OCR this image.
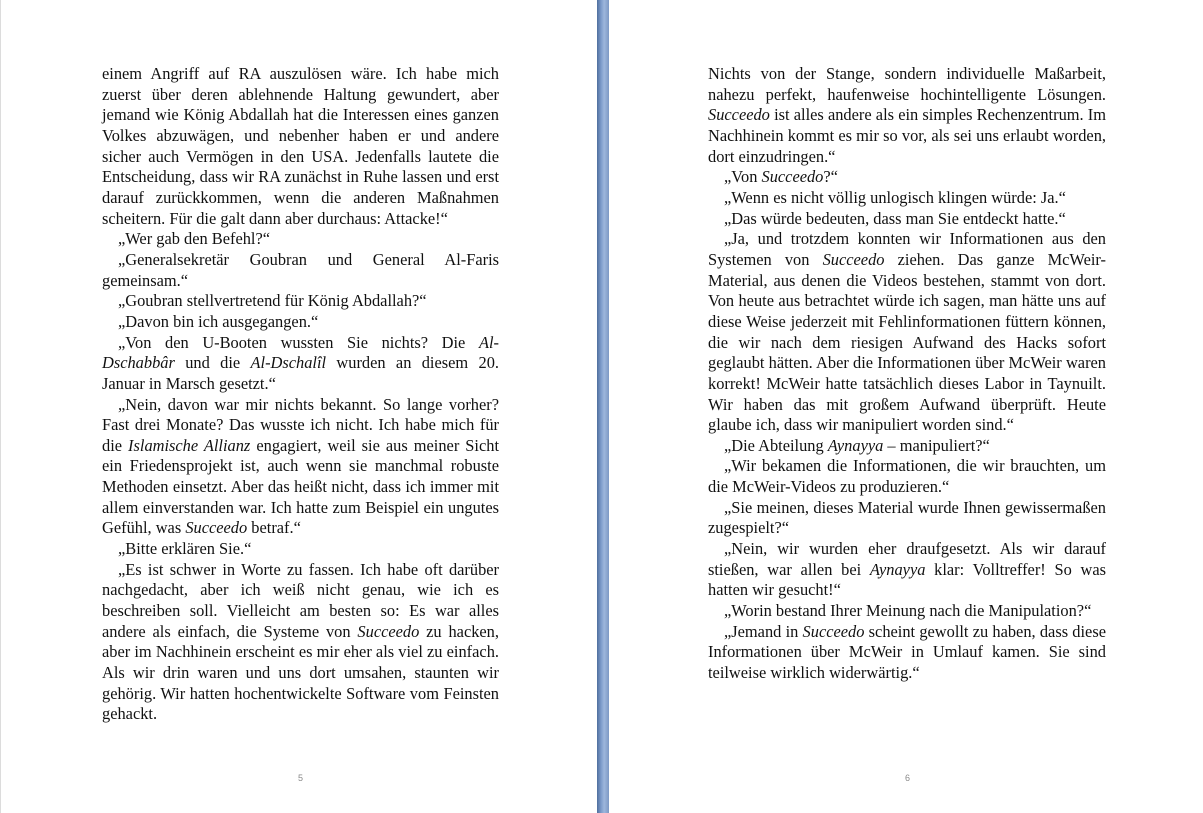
einem Angriff auf RA auszulösen wäre. Ich habe mich zuerst über deren ablehnende Haltung gewundert, aber jemand wie König Abdallah hat die Interessen eines ganzen Volkes abzuwägen, und nebenher haben er und andere sicher auch Vermögen in den USA. Jedenfalls lautete die Entscheidung, dass wir RA zunächst in Ruhe lassen und erst darauf zurückkommen, wenn die anderen Maßnahmen scheitern. Für die galt dann aber durchaus: Attacke!“

„Wer gab den Befehl?“

„Generalsekretär Goubran und General Al-Faris gemeinsam.“

„Goubran stellvertretend für König Abdallah?“

„Davon bin ich ausgegangen.“

„Von den U-Booten wussten Sie nichts? Die Al-Dschabbâr und die Al-Dschalîl wurden an diesem 20. Januar in Marsch gesetzt.“

„Nein, davon war mir nichts bekannt. So lange vorher? Fast drei Monate? Das wusste ich nicht. Ich habe mich für die Islamische Allianz engagiert, weil sie aus meiner Sicht ein Friedensprojekt ist, auch wenn sie manchmal robuste Methoden einsetzt. Aber das heißt nicht, dass ich immer mit allem einverstanden war. Ich hatte zum Beispiel ein ungutes Gefühl, was Succeedo betraf.“

„Bitte erklären Sie.“

„Es ist schwer in Worte zu fassen. Ich habe oft darüber nachgedacht, aber ich weiß nicht genau, wie ich es beschreiben soll. Vielleicht am besten so: Es war alles andere als einfach, die Systeme von Succeedo zu hacken, aber im Nachhinein erscheint es mir eher als viel zu einfach. Als wir drin waren und uns dort umsahen, staunten wir gehörig. Wir hatten hochentwickelte Software vom Feinsten gehackt.

5

Nichts von der Stange, sondern individuelle Maßarbeit, nahezu perfekt, haufenweise hochintelligente Lösungen. Succeedo ist alles andere als ein simples Rechenzentrum. Im Nachhinein kommt es mir so vor, als sei uns erlaubt worden, dort einzudringen.“

„Von Succeedo?“

„Wenn es nicht völlig unlogisch klingen würde: Ja.“

„Das würde bedeuten, dass man Sie entdeckt hatte.“

„Ja, und trotzdem konnten wir Informationen aus den Systemen von Succeedo ziehen. Das ganze McWeir-Material, aus denen die Videos bestehen, stammt von dort. Von heute aus betrachtet würde ich sagen, man hätte uns auf diese Weise jederzeit mit Fehlinformationen füttern können, die wir nach dem riesigen Aufwand des Hacks sofort geglaubt hätten. Aber die Informationen über McWeir waren korrekt! McWeir hatte tatsächlich dieses Labor in Taynuilt. Wir haben das mit großem Aufwand überprüft. Heute glaube ich, dass wir manipuliert worden sind.“

„Die Abteilung Aynayya – manipuliert?“

„Wir bekamen die Informationen, die wir brauchten, um die McWeir-Videos zu produzieren.“

„Sie meinen, dieses Material wurde Ihnen gewissermaßen zugespielt?“

„Nein, wir wurden eher draufgesetzt. Als wir darauf stießen, war allen bei Aynayya klar: Volltreffer! So was hatten wir gesucht!“

„Worin bestand Ihrer Meinung nach die Manipulation?“

„Jemand in Succeedo scheint gewollt zu haben, dass diese Informationen über McWeir in Umlauf kamen. Sie sind teilweise wirklich widerwärtig.“

6
